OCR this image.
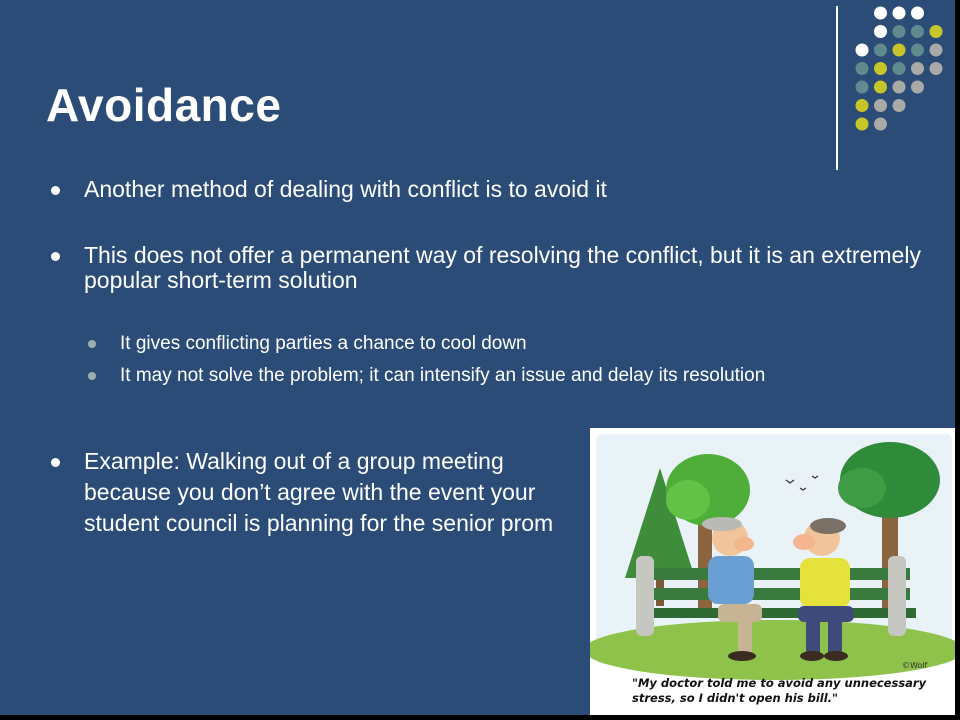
Avoidance
Another method of dealing with conflict is to avoid it
This does not offer a permanent way of resolving the conflict, but it is an extremely popular short-term solution
It gives conflicting parties a chance to cool down
It may not solve the problem; it can intensify an issue and delay its resolution
Example: Walking out of a group meeting because you don’t agree with the event your student council is planning for the senior prom
©Wolf
"My doctor told me to avoid any unnecessary stress, so I didn't open his bill."
